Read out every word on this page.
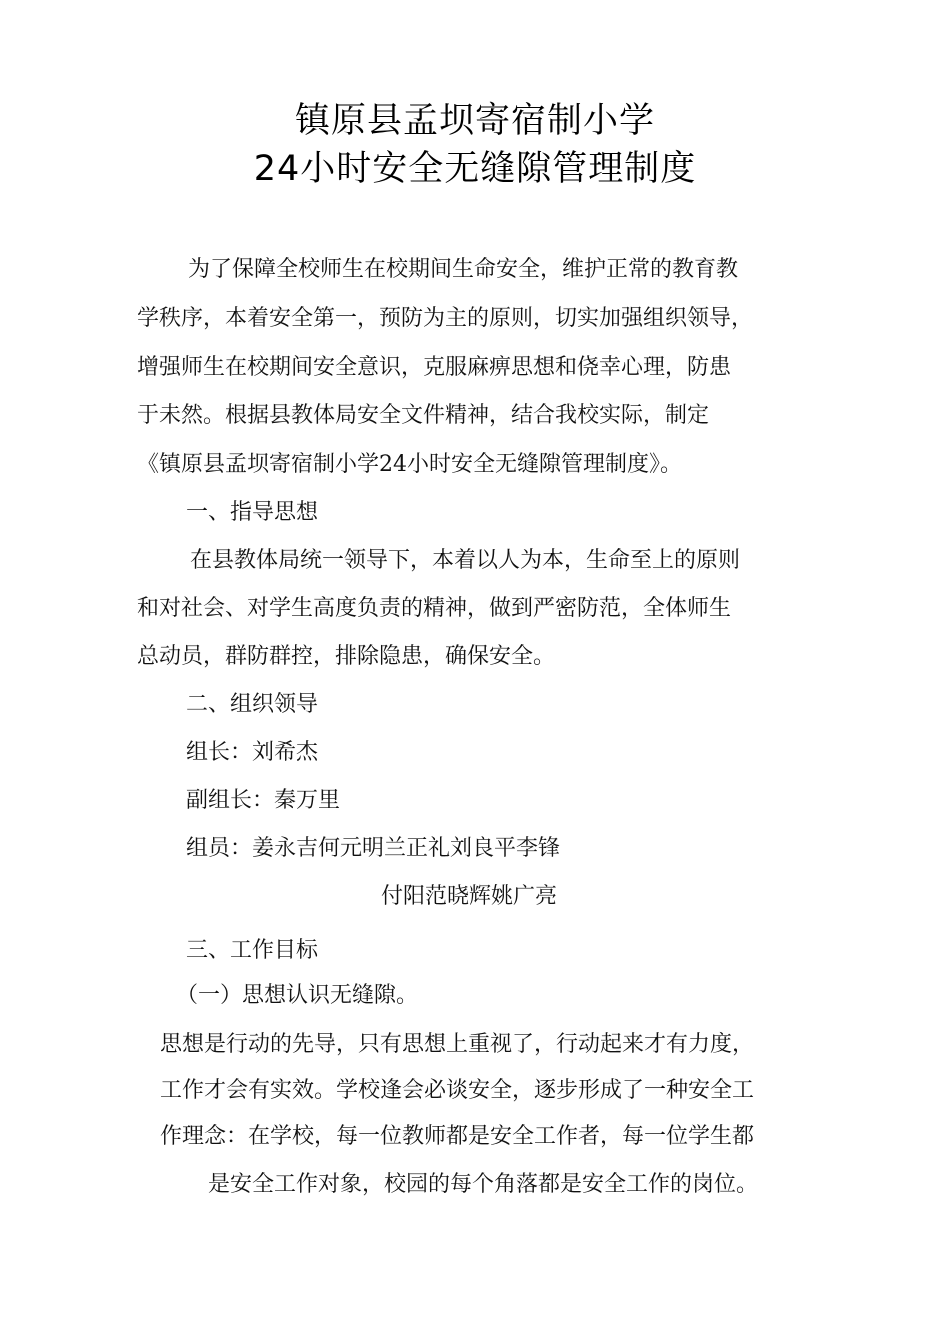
镇原县孟坝寄宿制小学
24小时安全无缝隙管理制度
为了保障全校师生在校期间生命安全，维护正常的教育教
学秩序，本着安全第一，预防为主的原则，切实加强组织领导，
增强师生在校期间安全意识，克服麻痹思想和侥幸心理，防患
于未然。根据县教体局安全文件精神，结合我校实际，制定
《镇原县孟坝寄宿制小学24小时安全无缝隙管理制度》。
一、指导思想
在县教体局统一领导下，本着以人为本，生命至上的原则
和对社会、对学生高度负责的精神，做到严密防范，全体师生
总动员，群防群控，排除隐患，确保安全。
二、组织领导
组长：刘希杰
副组长：秦万里
组员：姜永吉何元明兰正礼刘良平李锋
付阳范晓辉姚广亮
三、工作目标
（一）思想认识无缝隙。
思想是行动的先导，只有思想上重视了，行动起来才有力度，
工作才会有实效。学校逢会必谈安全，逐步形成了一种安全工
作理念：在学校，每一位教师都是安全工作者，每一位学生都
是安全工作对象，校园的每个角落都是安全工作的岗位。
